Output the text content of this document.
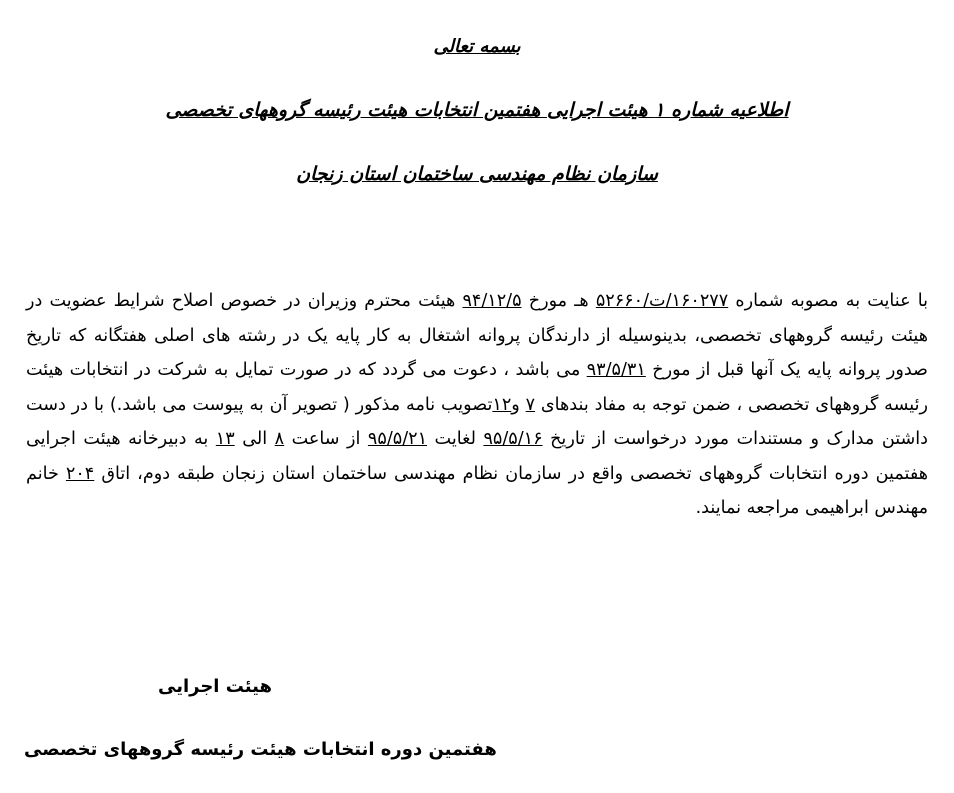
بسمه تعالی
اطلاعیه شماره ۱ هیئت اجرایی هفتمین انتخابات هیئت رئیسه گروههای تخصصی
سازمان نظام مهندسی ساختمان استان زنجان

با عنایت به مصوبه شماره ۱۶۰۲۷۷/ت/۵۲۶۶۰ هـ مورخ ۹۴/۱۲/۵ هیئت محترم وزیران در خصوص اصلاح شرایط عضویت در هیئت رئیسه گروههای تخصصی، بدینوسیله از دارندگان پروانه اشتغال به کار پایه یک در رشته های اصلی هفتگانه که تاریخ صدور پروانه پایه یک آنها قبل از مورخ ۹۳/۵/۳۱ می باشد ، دعوت می گردد که در صورت تمایل به شرکت در انتخابات هیئت رئیسه گروههای تخصصی ، ضمن توجه به مفاد بندهای ۷ و۱۲تصویب نامه مذکور ( تصویر آن به پیوست می باشد.) با در دست داشتن مدارک و مستندات مورد درخواست از تاریخ ۹۵/۵/۱۶ لغایت ۹۵/۵/۲۱ از ساعت ۸ الی ۱۳ به دبیرخانه هیئت اجرایی هفتمین دوره انتخابات گروههای تخصصی واقع در سازمان نظام مهندسی ساختمان استان زنجان طبقه دوم، اتاق ۲۰۴ خانم مهندس ابراهیمی مراجعه نمایند.

هیئت اجرایی
هفتمین دوره انتخابات هیئت رئیسه گروههای تخصصی
